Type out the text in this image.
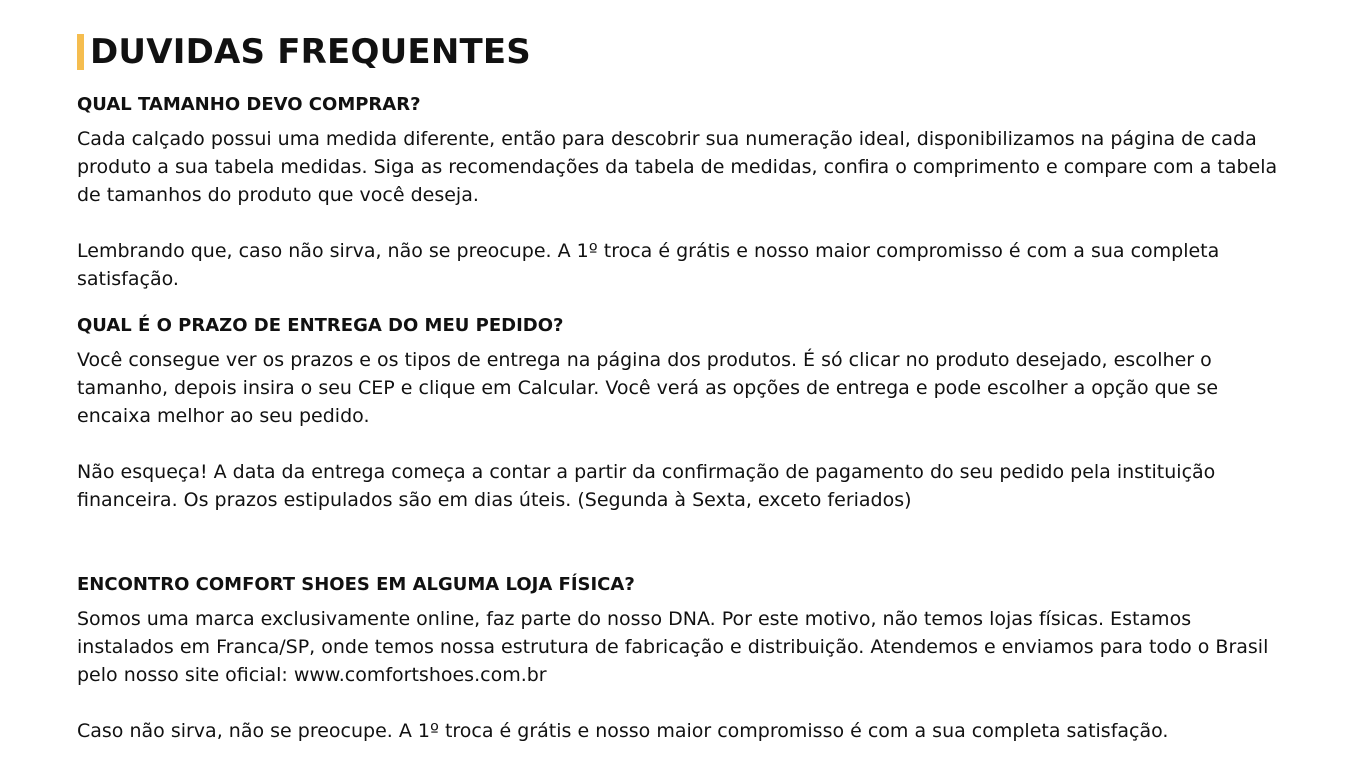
DUVIDAS FREQUENTES
QUAL TAMANHO DEVO COMPRAR?

Cada calçado possui uma medida diferente, então para descobrir sua numeração ideal, disponibilizamos na página de cada produto a sua tabela medidas. Siga as recomendações da tabela de medidas, confira o comprimento e compare com a tabela de tamanhos do produto que você deseja.

Lembrando que, caso não sirva, não se preocupe. A 1º troca é grátis e nosso maior compromisso é com a sua completa satisfação.

QUAL É O PRAZO DE ENTREGA DO MEU PEDIDO?

Você consegue ver os prazos e os tipos de entrega na página dos produtos. É só clicar no produto desejado, escolher o tamanho, depois insira o seu CEP e clique em Calcular. Você verá as opções de entrega e pode escolher a opção que se encaixa melhor ao seu pedido.

Não esqueça! A data da entrega começa a contar a partir da confirmação de pagamento do seu pedido pela instituição financeira. Os prazos estipulados são em dias úteis. (Segunda à Sexta, exceto feriados)

ENCONTRO COMFORT SHOES EM ALGUMA LOJA FÍSICA?

Somos uma marca exclusivamente online, faz parte do nosso DNA. Por este motivo, não temos lojas físicas. Estamos instalados em Franca/SP, onde temos nossa estrutura de fabricação e distribuição. Atendemos e enviamos para todo o Brasil pelo nosso site oficial: www.comfortshoes.com.br

Caso não sirva, não se preocupe. A 1º troca é grátis e nosso maior compromisso é com a sua completa satisfação.
